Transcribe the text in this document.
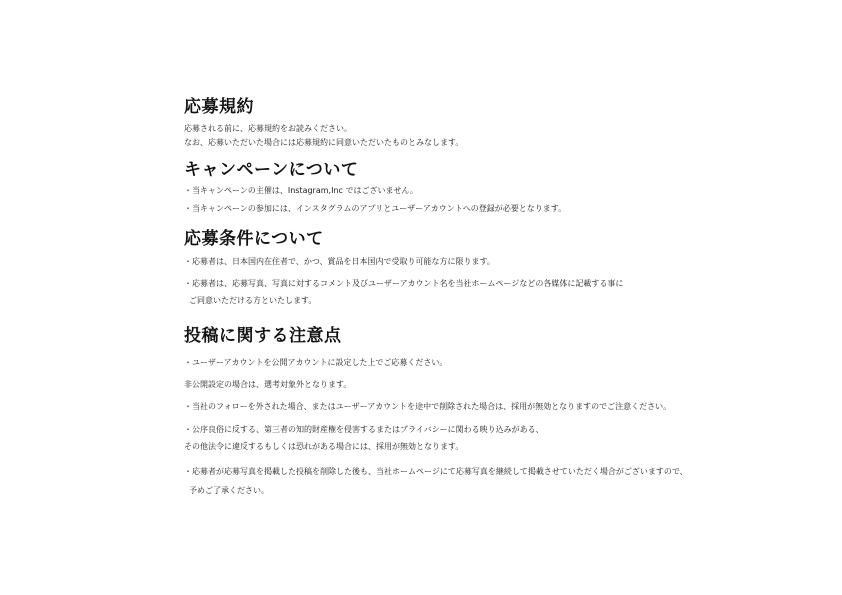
応募規約

応募される前に、応募規約をお読みください。

なお、応募いただいた場合には応募規約に同意いただいたものとみなします。

キャンペーンについて

・当キャンペーンの主催は、Instagram,Inc ではございません。

・当キャンペーンの参加には、インスタグラムのアプリとユーザーアカウントへの登録が必要となります。

応募条件について

・応募者は、日本国内在住者で、かつ、賞品を日本国内で受取り可能な方に限ります。

・応募者は、応募写真、写真に対するコメント及びユーザーアカウント名を当社ホームページなどの各媒体に記載する事に

ご同意いただける方といたします。

投稿に関する注意点

・ユーザーアカウントを公開アカウントに設定した上でご応募ください。

非公開設定の場合は、選考対象外となります。

・当社のフォローを外された場合、またはユーザーアカウントを途中で削除された場合は、採用が無効となりますのでご注意ください。

・公序良俗に反する、第三者の知的財産権を侵害するまたはプライバシーに関わる映り込みがある、

その他法令に違反するもしくは恐れがある場合には、採用が無効となります。

・応募者が応募写真を掲載した投稿を削除した後も、当社ホームページにて応募写真を継続して掲載させていただく場合がございますので、

予めご了承ください。
